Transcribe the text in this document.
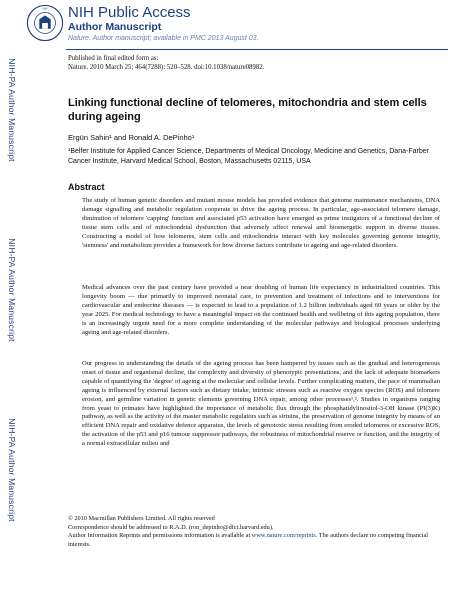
NIH-PA Author Manuscript
NIH-PA Author Manuscript
NIH-PA Author Manuscript
NIH NIH Public Access
Author Manuscript
Nature. Author manuscript; available in PMC 2013 August 03.
Published in final edited form as:
Nature. 2010 March 25; 464(7288): 520–528. doi:10.1038/nature08982.
Linking functional decline of telomeres, mitochondria and stem cells during ageing
Ergün Sahin¹ and Ronald A. DePinho¹
¹Belfer Institute for Applied Cancer Science, Departments of Medical Oncology, Medicine and Genetics, Dana-Farber Cancer Institute, Harvard Medical School, Boston, Massachusetts 02115, USA
Abstract
The study of human genetic disorders and mutant mouse models has provided evidence that genome maintenance mechanisms, DNA damage signalling and metabolic regulation cooperate to drive the ageing process. In particular, age-associated telomere damage, diminution of telomere 'capping' function and associated p53 activation have emerged as prime instigators of a functional decline of tissue stem cells and of mitochondrial dysfunction that adversely affect renewal and bioenergetic support in diverse tissues. Constructing a model of how telomeres, stem cells and mitochondria interact with key molecules governing genome integrity, 'stemness' and metabolism provides a framework for how diverse factors contribute to ageing and age-related disorders.
Medical advances over the past century have provided a near doubling of human life expectancy in industrialized countries. This longevity boom — due primarily to improved neonatal care, to prevention and treatment of infections and to interventions for cardiovascular and endocrine diseases — is expected to lead to a population of 1.2 billion individuals aged 60 years or older by the year 2025. For medical technology to have a meaningful impact on the continued health and wellbeing of this ageing population, there is an increasingly urgent need for a more complete understanding of the molecular pathways and biological processes underlying ageing and age-related disorders.
Our progress in understanding the details of the ageing process has been hampered by issues such as the gradual and heterogeneous onset of tissue and organismal decline, the complexity and diversity of phenotypic presentations, and the lack of adequate biomarkers capable of quantifying the 'degree' of ageing at the molecular and cellular levels. Further complicating matters, the pace of mammalian ageing is influenced by external factors such as dietary intake, intrinsic stresses such as reactive oxygen species (ROS) and telomere erosion, and germline variation in genetic elements governing DNA repair, among other processes¹,². Studies in organisms ranging from yeast to primates have highlighted the importance of metabolic flux through the phosphatidylinositol-3-OH kinase (PI(3)K) pathway, as well as the activity of the master metabolic regulators such as sirtuins, the preservation of genome integrity by means of an efficient DNA repair and oxidative defence apparatus, the levels of genotoxic stress resulting from eroded telomeres or excessive ROS, the activation of the p53 and p16 tumour suppressor pathways, the robustness of mitochondrial reserve or function, and the integrity of a normal extracellular milieu and
© 2010 Macmillan Publishers Limited. All rights reserved
Correspondence should be addressed to R.A.D. (ron_depinho@dfci.harvard.edu).
Author Information Reprints and permissions information is available at www.nature.com/reprints. The authors declare no competing financial interests.
